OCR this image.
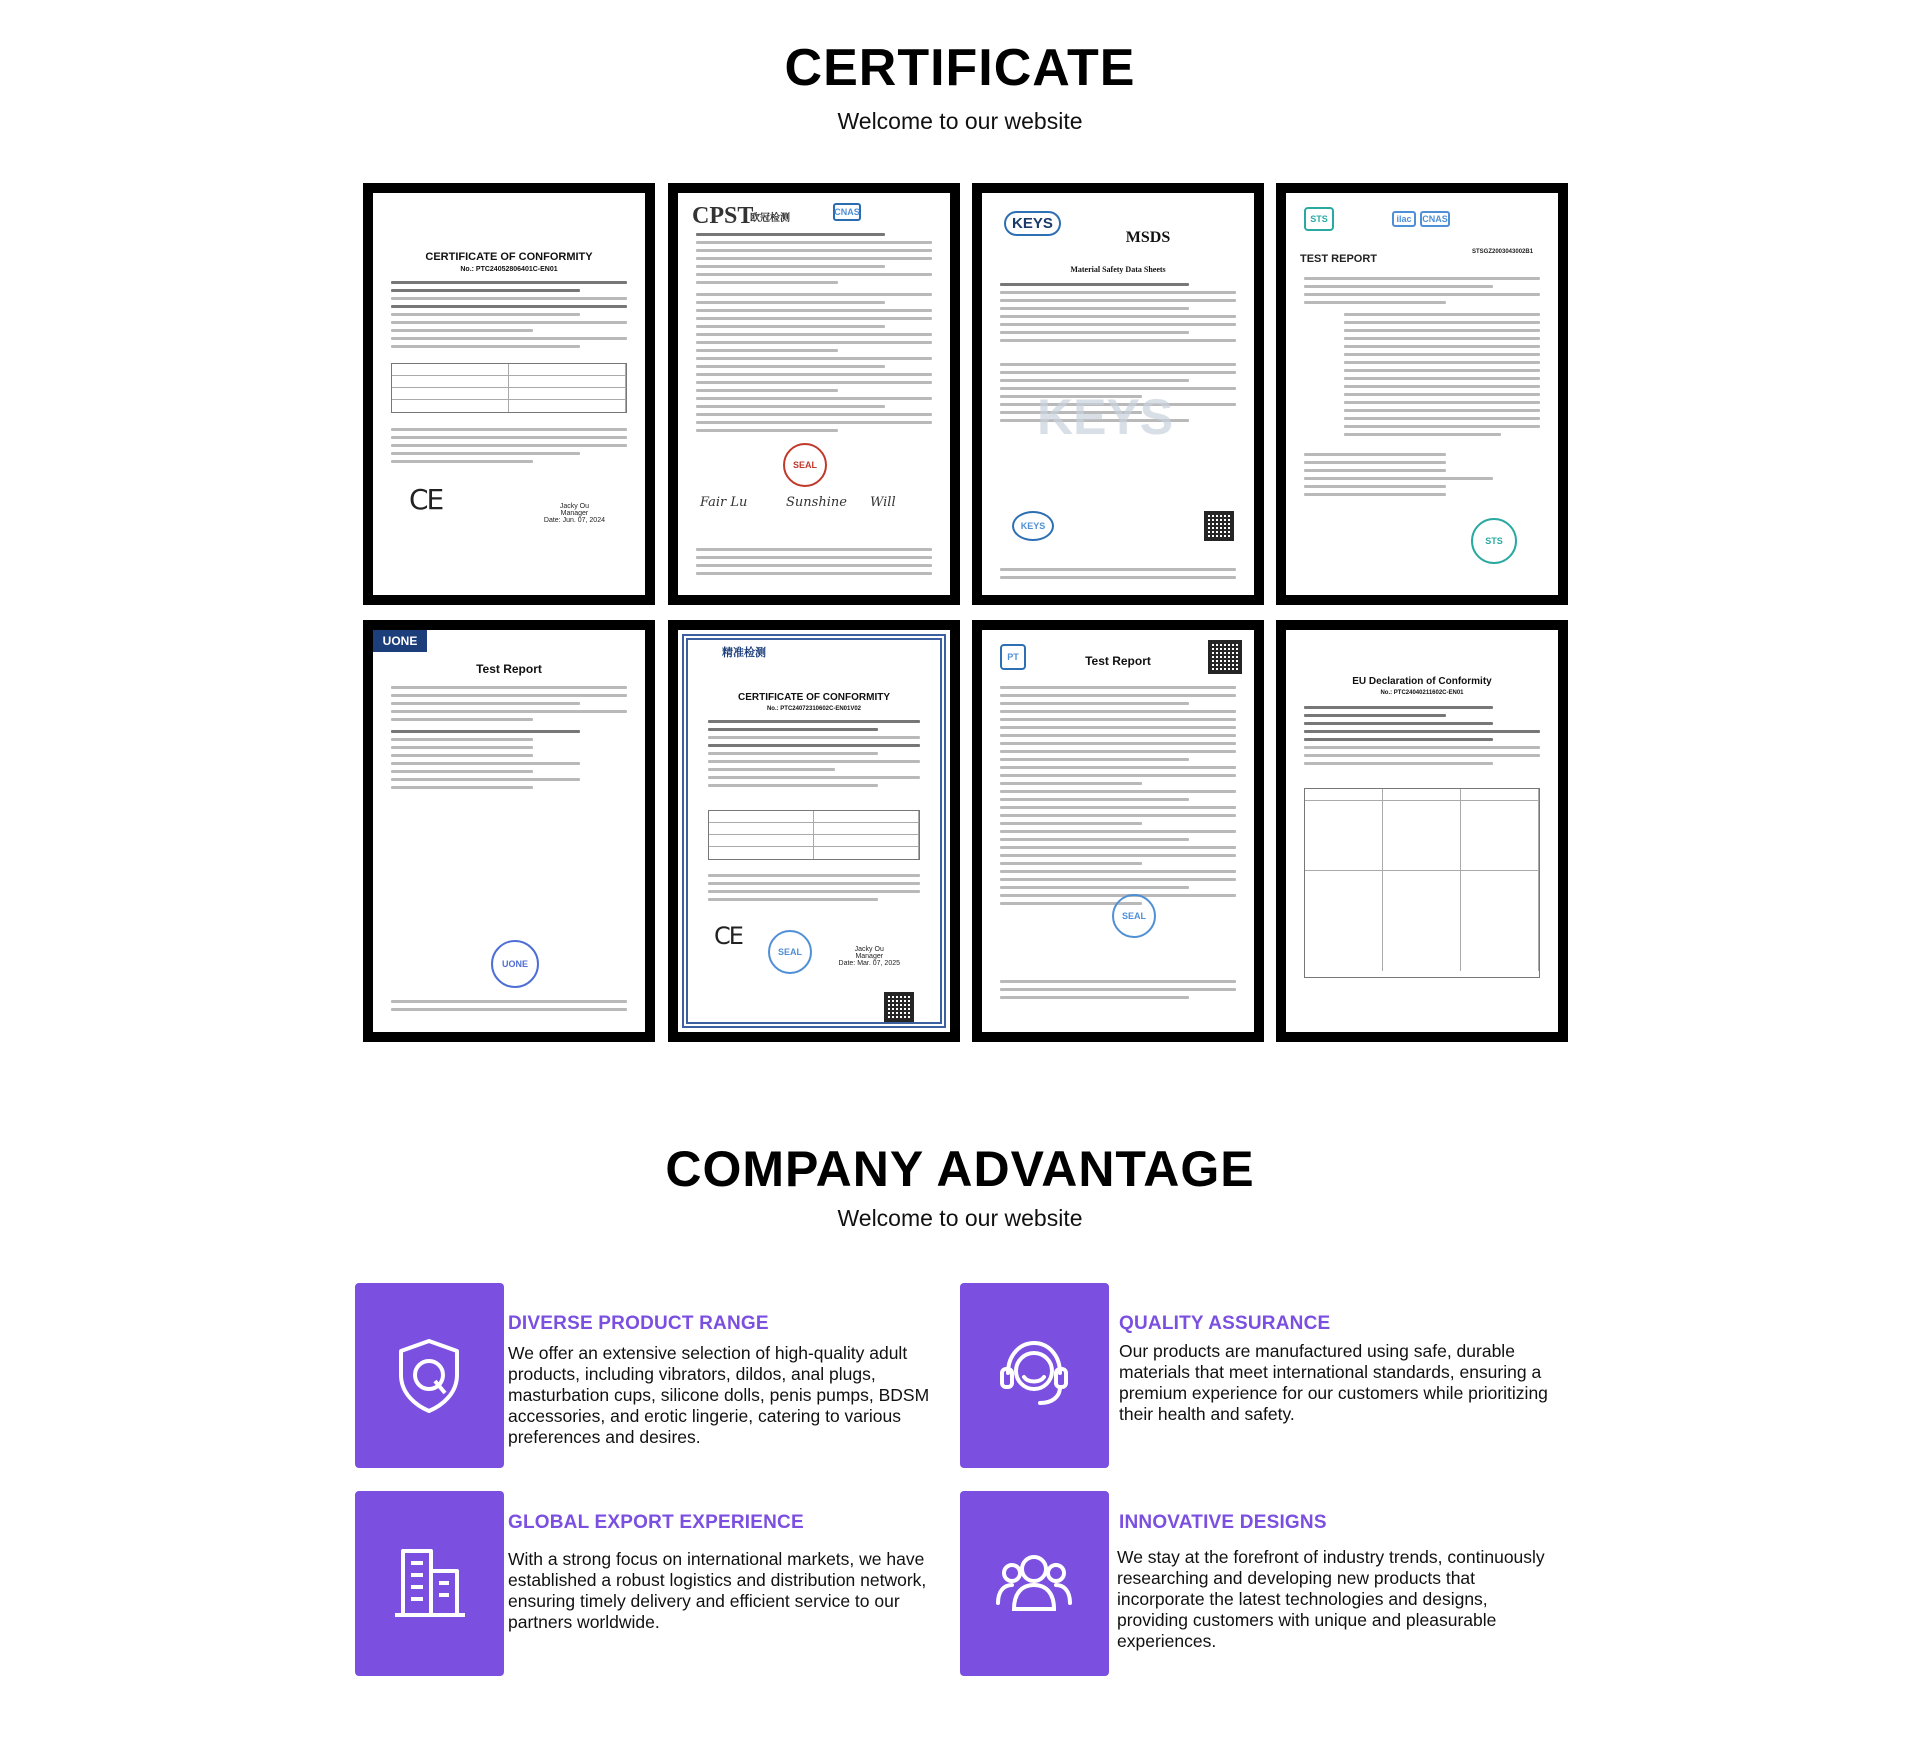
CERTIFICATE
Welcome to our website
CERTIFICATE OF CONFORMITY
No.: PTC24052806401C-EN01
CE	Jacky Ou
Manager
Date: Jun. 07, 2024
CPST
欧冠检测
CNAS
SEAL
Fair Lu	Sunshine Will
KEYS
MSDS
Material Safety Data Sheets
KEYS
KEYS
STS	ilac	CNAS
TEST REPORT
STSGZ2003043002B1
STS
UONE
Test Report
UONE
精准检测
CERTIFICATE OF CONFORMITY
No.: PTC24072310602C-EN01V02
CE
SEAL	Jacky Ou
Manager
Date: Mar. 07, 2025
PT	Test Report
SEAL
EU Declaration of Conformity
No.: PTC24040211602C-EN01
COMPANY ADVANTAGE
Welcome to our website
DIVERSE PRODUCT RANGE
We offer an extensive selection of high-quality adult products, including vibrators, dildos, anal plugs, masturbation cups, silicone dolls, penis pumps, BDSM accessories, and erotic lingerie, catering to various preferences and desires.
QUALITY ASSURANCE
Our products are manufactured using safe, durable materials that meet international standards, ensuring a premium experience for our customers while prioritizing their health and safety.
GLOBAL EXPORT EXPERIENCE
With a strong focus on international markets, we have established a robust logistics and distribution network, ensuring timely delivery and efficient service to our partners worldwide.
INNOVATIVE DESIGNS
We stay at the forefront of industry trends, continuously researching and developing new products that incorporate the latest technologies and designs, providing customers with unique and pleasurable experiences.
